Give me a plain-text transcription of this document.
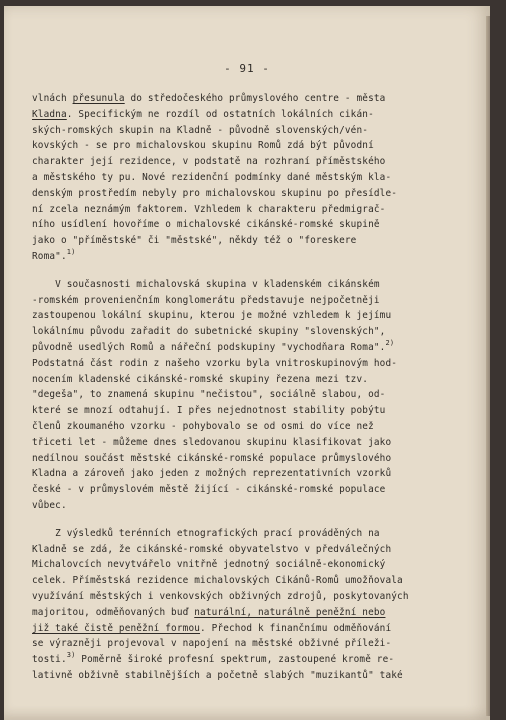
- 91 -
vlnách přesunula do středočeského průmyslového centre - města
Kladna. Specifickým ne rozdíl od ostatních lokálních cikán-
ských-romských skupin na Kladně - původně slovenských/vén-
kovských - se pro michalovskou skupinu Romů zdá být původní
charakter její rezidence, v podstatě na rozhraní příměstského
a městského ty pu. Nové rezidenční podmínky dané městským kla-
denským prostředím nebyly pro michalovskou skupinu po přesídle-
ní zcela neznámým faktorem. Vzhledem k charakteru předmigrač-
ního usídlení hovoříme o michalovské cikánské-romské skupině
jako o "příměstské" či "městské", někdy též o "foreskere
Roma".$^{1)}$
V současnosti michalovská skupina v kladenském cikánském
-romském provenienčním konglomerátu představuje nejpočetněji
zastoupenou lokální skupinu, kterou je možné vzhledem k jejímu
lokálnímu původu zařadit do subetnické skupiny "slovenských",
původně usedlých Romů a nářeční podskupiny "vychodňara Roma".$^{2)}$
Podstatná část rodin z našeho vzorku byla vnitroskupinovým hod-
nocením kladenské cikánské-romské skupiny řezena mezi tzv.
"degeša", to znamená skupinu "nečistou", sociálně slabou, od-
které se mnozí odtahují. I přes nejednotnost stability pobýtu
členů zkoumaného vzorku - pohybovalo se od osmi do více než
třiceti let - můžeme dnes sledovanou skupinu klasifikovat jako
nedílnou součást městské cikánské-romské populace průmyslového
Kladna a zároveň jako jeden z možných reprezentativních vzorků
české - v průmyslovém městě žijící - cikánské-romské populace
vůbec.
Z výsledků terénních etnografických prací prováděných na
Kladně se zdá, že cikánské-romské obyvatelstvo v předválečných
Michalovcích nevytvářelo vnitřně jednotný sociálně-ekonomický
celek. Příměstská rezidence michalovských Cikánů-Romů umožňovala
využívání městských i venkovských obživných zdrojů, poskytovaných
majoritou, odměňovaných buď naturální, naturálně peněžní nebo
již také čistě peněžní formou. Přechod k finančnímu odměňování
se výrazněji projevoval v napojení na městské obživné příleži-
tosti.$^{3)}$ Poměrně široké profesní spektrum, zastoupené kromě re-
lativně obživně stabilnějších a početně slabých "muzikantů" také
